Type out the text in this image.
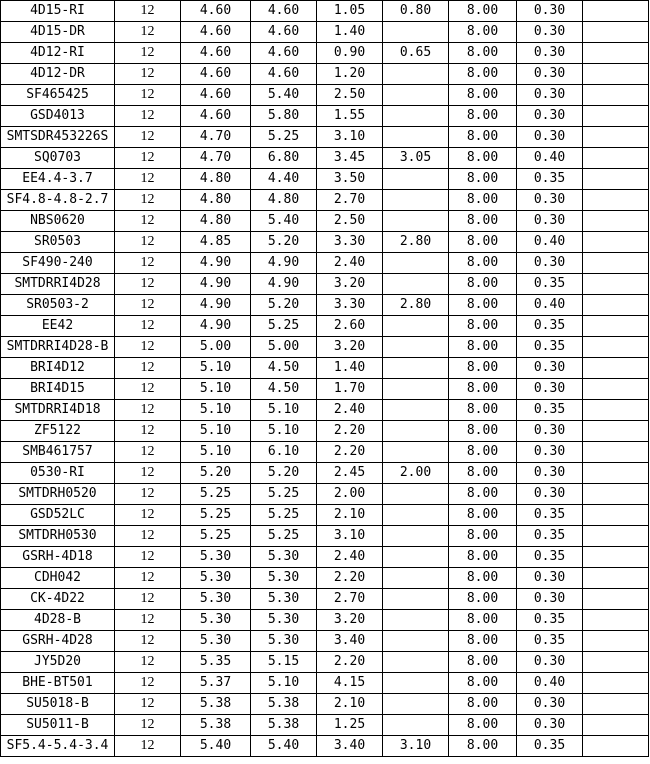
4D15-RI	12	4.60	4.60	1.05	0.80	8.00	0.30	
4D15-DR	12	4.60	4.60	1.40		8.00	0.30	
4D12-RI	12	4.60	4.60	0.90	0.65	8.00	0.30	
4D12-DR	12	4.60	4.60	1.20		8.00	0.30	
SF465425	12	4.60	5.40	2.50		8.00	0.30	
GSD4013	12	4.60	5.80	1.55		8.00	0.30	
SMTSDR453226S	12	4.70	5.25	3.10		8.00	0.30	
SQ0703	12	4.70	6.80	3.45	3.05	8.00	0.40	
EE4.4-3.7	12	4.80	4.40	3.50		8.00	0.35	
SF4.8-4.8-2.7	12	4.80	4.80	2.70		8.00	0.30	
NBS0620	12	4.80	5.40	2.50		8.00	0.30	
SR0503	12	4.85	5.20	3.30	2.80	8.00	0.40	
SF490-240	12	4.90	4.90	2.40		8.00	0.30	
SMTDRRI4D28	12	4.90	4.90	3.20		8.00	0.35	
SR0503-2	12	4.90	5.20	3.30	2.80	8.00	0.40	
EE42	12	4.90	5.25	2.60		8.00	0.35	
SMTDRRI4D28-B	12	5.00	5.00	3.20		8.00	0.35	
BRI4D12	12	5.10	4.50	1.40		8.00	0.30	
BRI4D15	12	5.10	4.50	1.70		8.00	0.30	
SMTDRRI4D18	12	5.10	5.10	2.40		8.00	0.35	
ZF5122	12	5.10	5.10	2.20		8.00	0.30	
SMB461757	12	5.10	6.10	2.20		8.00	0.30	
0530-RI	12	5.20	5.20	2.45	2.00	8.00	0.30	
SMTDRH0520	12	5.25	5.25	2.00		8.00	0.30	
GSD52LC	12	5.25	5.25	2.10		8.00	0.35	
SMTDRH0530	12	5.25	5.25	3.10		8.00	0.35	
GSRH-4D18	12	5.30	5.30	2.40		8.00	0.35	
CDH042	12	5.30	5.30	2.20		8.00	0.30	
CK-4D22	12	5.30	5.30	2.70		8.00	0.30	
4D28-B	12	5.30	5.30	3.20		8.00	0.35	
GSRH-4D28	12	5.30	5.30	3.40		8.00	0.35	
JY5D20	12	5.35	5.15	2.20		8.00	0.30	
BHE-BT501	12	5.37	5.10	4.15		8.00	0.40	
SU5018-B	12	5.38	5.38	2.10		8.00	0.30	
SU5011-B	12	5.38	5.38	1.25		8.00	0.30	
SF5.4-5.4-3.4	12	5.40	5.40	3.40	3.10	8.00	0.35	
